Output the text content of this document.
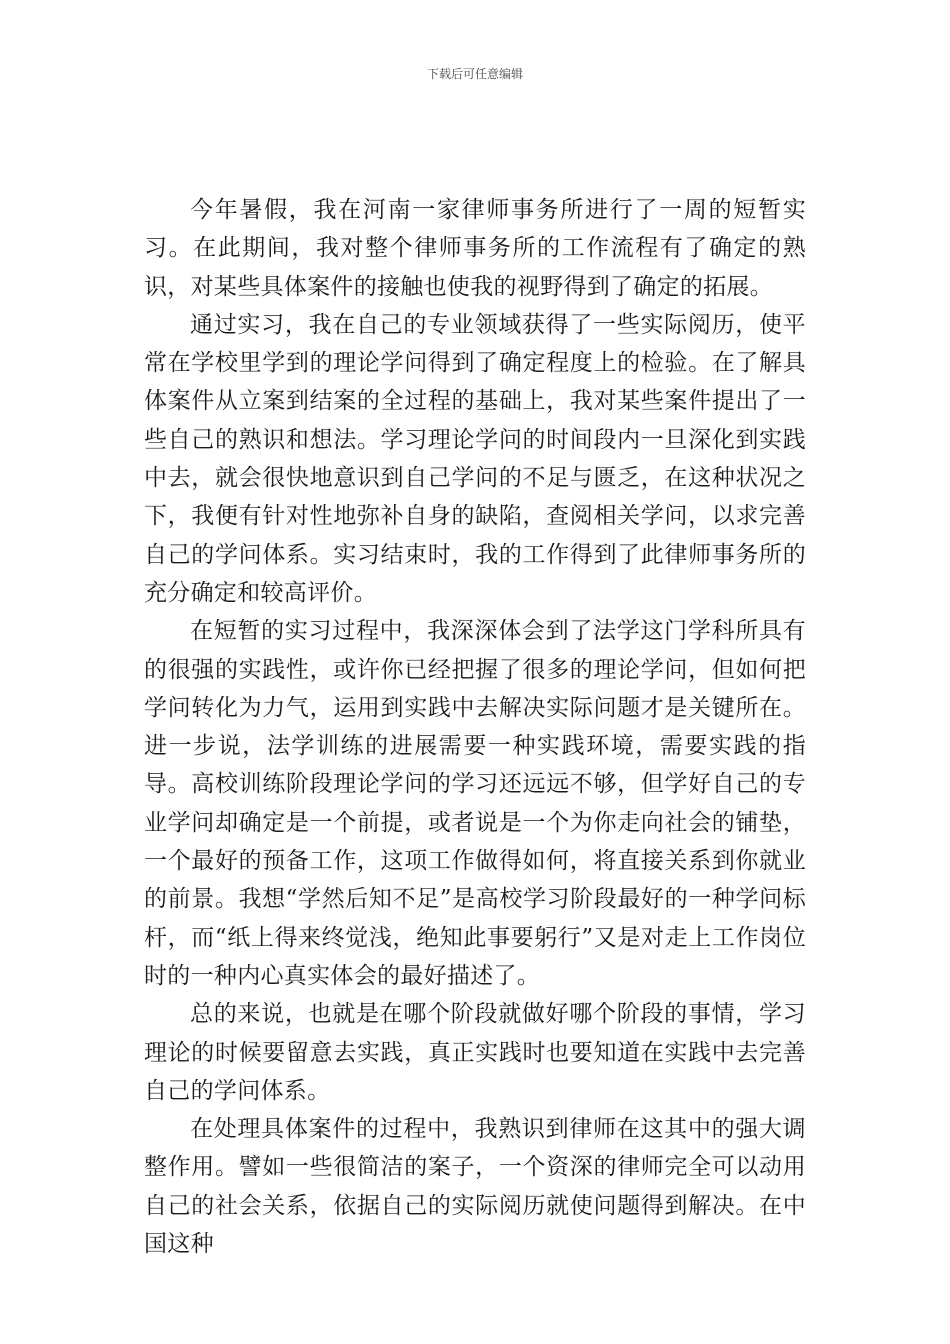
下载后可任意编辑

今年暑假，我在河南一家律师事务所进行了一周的短暂实习。在此期间，我对整个律师事务所的工作流程有了确定的熟识，对某些具体案件的接触也使我的视野得到了确定的拓展。

通过实习，我在自己的专业领域获得了一些实际阅历，使平常在学校里学到的理论学问得到了确定程度上的检验。在了解具体案件从立案到结案的全过程的基础上，我对某些案件提出了一些自己的熟识和想法。学习理论学问的时间段内一旦深化到实践中去，就会很快地意识到自己学问的不足与匮乏，在这种状况之下，我便有针对性地弥补自身的缺陷，查阅相关学问，以求完善自己的学问体系。实习结束时，我的工作得到了此律师事务所的充分确定和较高评价。

在短暂的实习过程中，我深深体会到了法学这门学科所具有的很强的实践性，或许你已经把握了很多的理论学问，但如何把学问转化为力气，运用到实践中去解决实际问题才是关键所在。进一步说，法学训练的进展需要一种实践环境，需要实践的指导。高校训练阶段理论学问的学习还远远不够，但学好自己的专业学问却确定是一个前提，或者说是一个为你走向社会的铺垫，一个最好的预备工作，这项工作做得如何，将直接关系到你就业的前景。我想“学然后知不足”是高校学习阶段最好的一种学问标杆，而“纸上得来终觉浅，绝知此事要躬行”又是对走上工作岗位时的一种内心真实体会的最好描述了。

总的来说，也就是在哪个阶段就做好哪个阶段的事情，学习理论的时候要留意去实践，真正实践时也要知道在实践中去完善自己的学问体系。

在处理具体案件的过程中，我熟识到律师在这其中的强大调整作用。譬如一些很简洁的案子，一个资深的律师完全可以动用自己的社会关系，依据自己的实际阅历就使问题得到解决。在中国这种
